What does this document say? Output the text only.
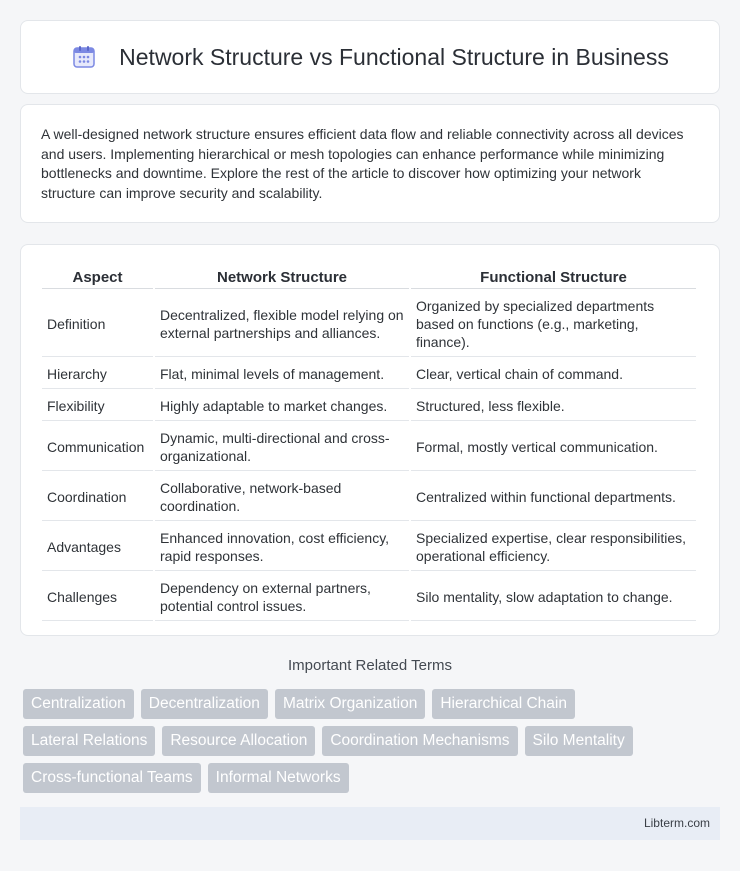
Network Structure vs Functional Structure in Business

A well-designed network structure ensures efficient data flow and reliable connectivity across all devices and users. Implementing hierarchical or mesh topologies can enhance performance while minimizing bottlenecks and downtime. Explore the rest of the article to discover how optimizing your network structure can improve security and scalability.

Aspect	Network Structure	Functional Structure
Definition	Decentralized, flexible model relying on external partnerships and alliances.	Organized by specialized departments based on functions (e.g., marketing, finance).
Hierarchy	Flat, minimal levels of management.	Clear, vertical chain of command.
Flexibility	Highly adaptable to market changes.	Structured, less flexible.
Communication	Dynamic, multi-directional and cross-organizational.	Formal, mostly vertical communication.
Coordination	Collaborative, network-based coordination.	Centralized within functional departments.
Advantages	Enhanced innovation, cost efficiency, rapid responses.	Specialized expertise, clear responsibilities, operational efficiency.
Challenges	Dependency on external partners, potential control issues.	Silo mentality, slow adaptation to change.
Important Related Terms
Centralization	Decentralization	Matrix Organization	Hierarchical Chain
Lateral Relations	Resource Allocation	Coordination Mechanisms	Silo Mentality
Cross-functional Teams	Informal Networks
Libterm.com
